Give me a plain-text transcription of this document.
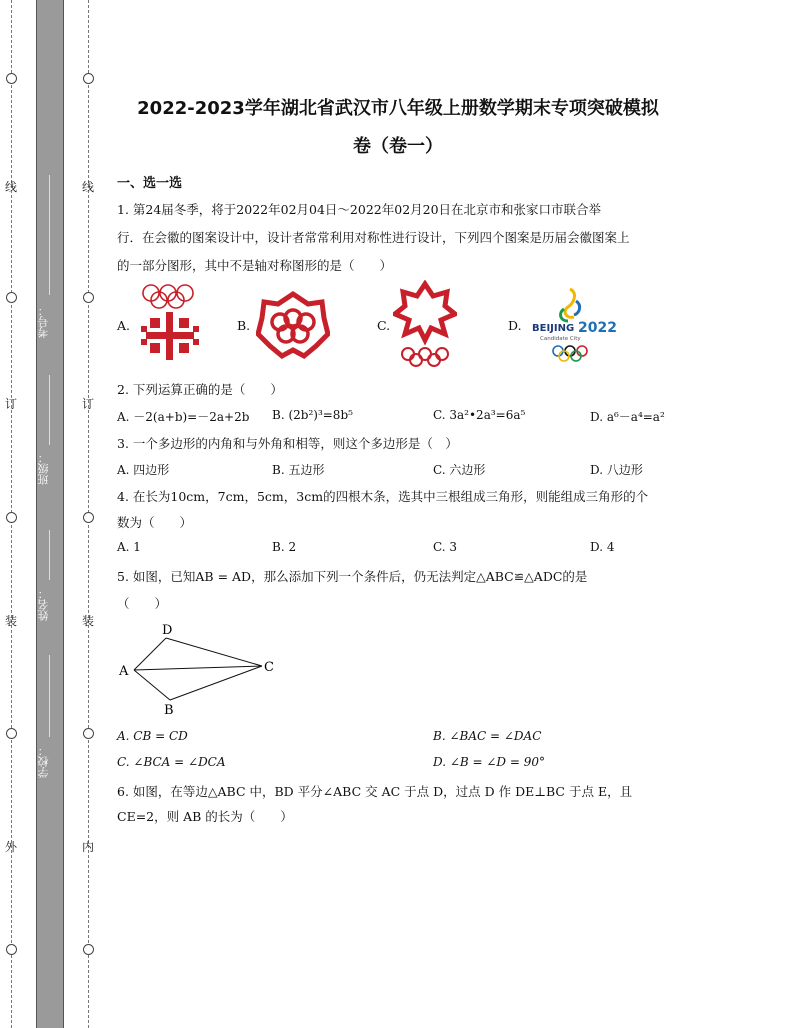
线
订
装
外
线
订
装
内
考号：
班级：
姓名：
学校：
2022-2023学年湖北省武汉市八年级上册数学期末专项突破模拟
卷（卷一）
一、选一选
1. 第24届冬季，将于2022年02月04日～2022年02月20日在北京市和张家口市联合举
行．在会徽的图案设计中，设计者常常利用对称性进行设计，下列四个图案是历届会徽图案上
的一部分图形，其中不是轴对称图形的是（　　）
A.	B.	C.	D. BEIJING 2022
Candidate City
2. 下列运算正确的是（　　）
A. －2(a+b)=－2a+2b B. (2b²)³=8b⁵	C. 3a²•2a³=6a⁵	D. a⁶－a⁴=a²
3. 一个多边形的内角和与外角和相等，则这个多边形是（　）
A. 四边形	B. 五边形	C. 六边形	D. 八边形
4. 在长为10cm，7cm，5cm，3cm的四根木条，选其中三根组成三角形，则能组成三角形的个
数为（　　）
A. 1	B. 2	C. 3	D. 4
5. 如图，已知AB = AD，那么添加下列一个条件后，仍无法判定△ABC≌△ADC的是
（　　）
A
D
C
B
A. CB = CD	B. ∠BAC = ∠DAC
C. ∠BCA = ∠DCA	D. ∠B = ∠D = 90°
6. 如图，在等边△ABC 中，BD 平分∠ABC 交 AC 于点 D，过点 D 作 DE⊥BC 于点 E，且
CE=2，则 AB 的长为（　　）
